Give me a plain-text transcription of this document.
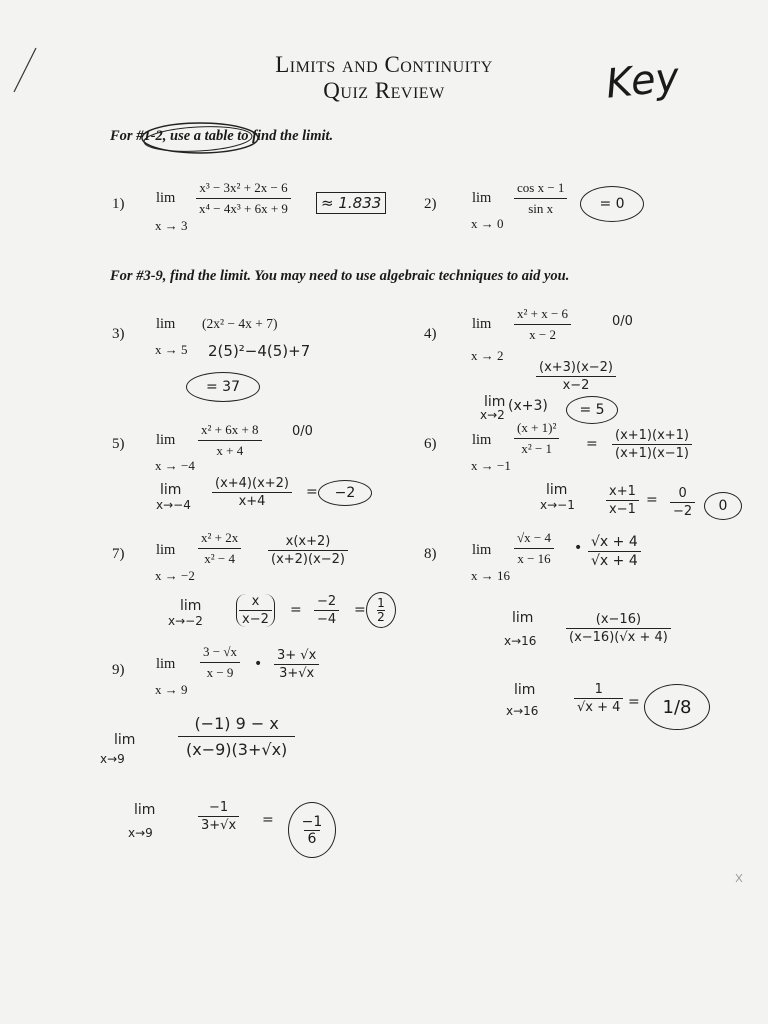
Limits and Continuity
Quiz Review	Key
For #1-2, use a table to find the limit.
1) lim
x → 3
$\frac{\text{x³ − 3x² + 2x − 6}}{\text{x⁴ − 4x³ + 6x + 9}}$	≈ 1.833	2) lim
x → 0
$\frac{\text{cos x − 1}}{\text{sin x}}$	= 0
For #3-9, find the limit. You may need to use algebraic techniques to aid you.
3)
lim
x → 5
(2x² − 4x + 7)
2(5)²−4(5)+7
= 37
4)
lim
x → 2
$\frac{\text{x² + x − 6}}{x - 2}$	0/0
$\frac{(x+3)(x-2)}{x-2}$
lim
x→2
(x+3)	= 5
5) lim
x → −4
$\frac{\text{x² + 6x + 8}}{x + 4} 0/0$
lim
$x\to-4 \frac{(x+4)(x+2)}{x+4}$ =	−2
6) lim
x → −1
$\frac{\text{(x + 1)²}}{\text{x² − 1}} = \frac{(x+1)(x+1)}{(x+1)(x-1)}$
lim
$x\to-1 \frac{x+1}{x-1} = \frac{0}{-2}$	0
7) lim
x → −2
$\frac{\text{x² + 2x}}{\text{x² − 4}} \frac{x(x+2)}{(x+2)(x-2)}$
lim
x→−2	$\frac{x}{x-2} = \frac{-2}{-4} = \frac{1}{2}$
8) lim
x → 16
$\frac{√x - 4}{x - 16}$ • $\frac{√x + 4}{√x + 4}$
lim
$x\to 16 \frac{(x-16)}{(x-16)(√x + 4)}$
lim
x→16	$\frac{1}{√x + 4} = 1 / 8$
9) lim
x → 9
$\frac{3 - √x}{x - 9}$ • $\frac{3+ √x}{3+√x}$
lim
x→9	$\frac{(-1) 9 - x}{(x-9)(3+√x)}$
lim
x→9	$\frac{-1}{3+√x} = \frac{-1}{6}$
